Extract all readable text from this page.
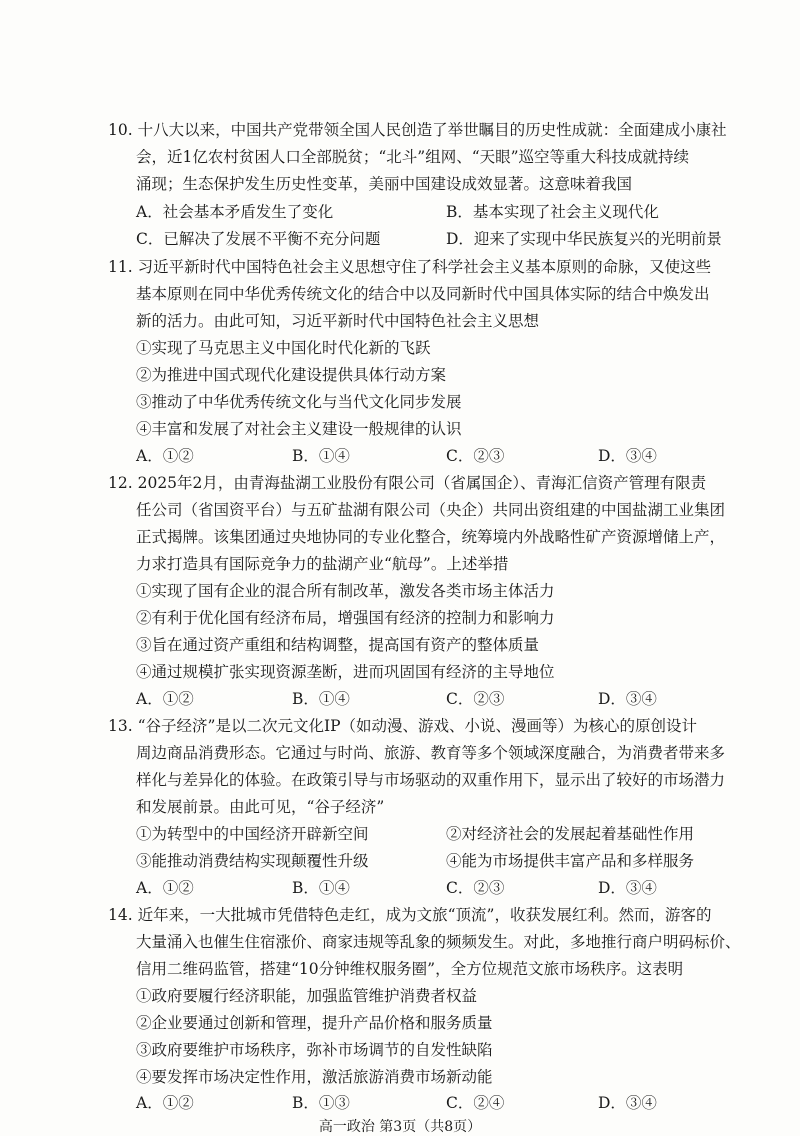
10. 十八大以来，中国共产党带领全国人民创造了举世瞩目的历史性成就：全面建成小康社
会，近1亿农村贫困人口全部脱贫；“北斗”组网、“天眼”巡空等重大科技成就持续
涌现；生态保护发生历史性变革，美丽中国建设成效显著。这意味着我国
A．社会基本矛盾发生了变化	B．基本实现了社会主义现代化
C．已解决了发展不平衡不充分问题	D．迎来了实现中华民族复兴的光明前景
11. 习近平新时代中国特色社会主义思想守住了科学社会主义基本原则的命脉，又使这些
基本原则在同中华优秀传统文化的结合中以及同新时代中国具体实际的结合中焕发出
新的活力。由此可知，习近平新时代中国特色社会主义思想
①实现了马克思主义中国化时代化新的飞跃
②为推进中国式现代化建设提供具体行动方案
③推动了中华优秀传统文化与当代文化同步发展
④丰富和发展了对社会主义建设一般规律的认识
A．①②	B．①④	C．②③	D．③④
12. 2025年2月，由青海盐湖工业股份有限公司（省属国企）、青海汇信资产管理有限责
任公司（省国资平台）与五矿盐湖有限公司（央企）共同出资组建的中国盐湖工业集团
正式揭牌。该集团通过央地协同的专业化整合，统筹境内外战略性矿产资源增储上产，
力求打造具有国际竞争力的盐湖产业“航母”。上述举措
①实现了国有企业的混合所有制改革，激发各类市场主体活力
②有利于优化国有经济布局，增强国有经济的控制力和影响力
③旨在通过资产重组和结构调整，提高国有资产的整体质量
④通过规模扩张实现资源垄断，进而巩固国有经济的主导地位
A．①②	B．①④	C．②③	D．③④
13. “谷子经济”是以二次元文化IP（如动漫、游戏、小说、漫画等）为核心的原创设计
周边商品消费形态。它通过与时尚、旅游、教育等多个领域深度融合，为消费者带来多
样化与差异化的体验。在政策引导与市场驱动的双重作用下，显示出了较好的市场潜力
和发展前景。由此可见，“谷子经济”
①为转型中的中国经济开辟新空间	②对经济社会的发展起着基础性作用
③能推动消费结构实现颠覆性升级	④能为市场提供丰富产品和多样服务
A．①②	B．①④	C．②③	D．③④
14. 近年来，一大批城市凭借特色走红，成为文旅“顶流”，收获发展红利。然而，游客的
大量涌入也催生住宿涨价、商家违规等乱象的频频发生。对此，多地推行商户明码标价、
信用二维码监管，搭建“10分钟维权服务圈”，全方位规范文旅市场秩序。这表明
①政府要履行经济职能，加强监管维护消费者权益
②企业要通过创新和管理，提升产品价格和服务质量
③政府要维护市场秩序，弥补市场调节的自发性缺陷
④要发挥市场决定性作用，激活旅游消费市场新动能
A．①②	B．①③	C．②④	D．③④
高一政治 第3页（共8页）
